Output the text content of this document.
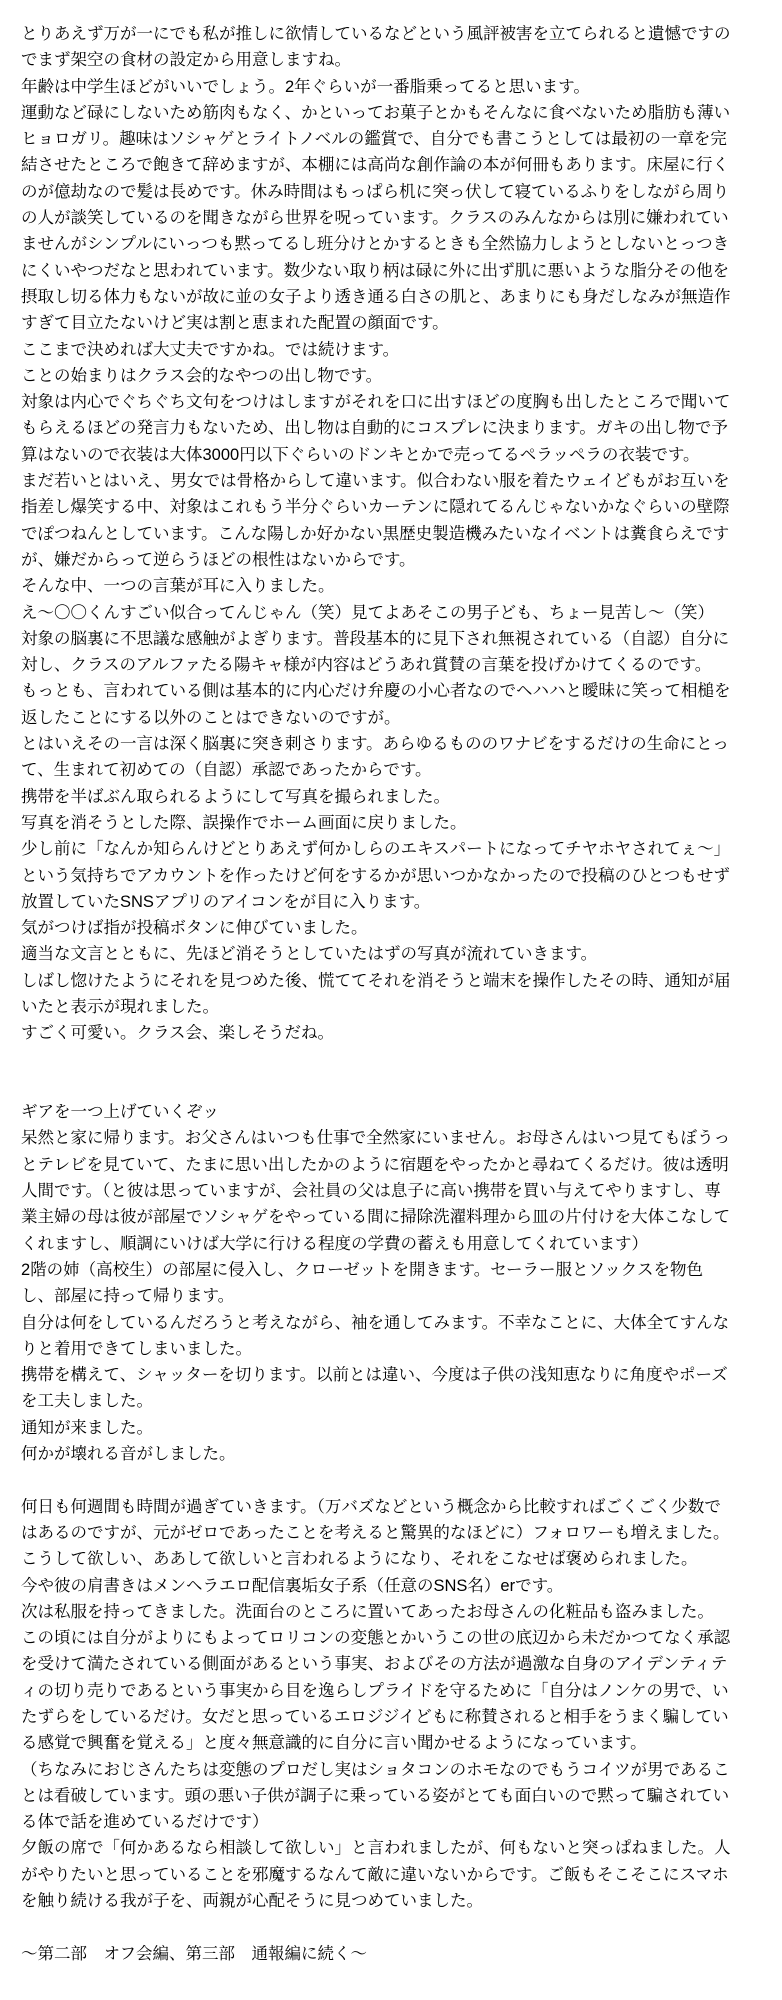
とりあえず万が一にでも私が推しに欲情しているなどという風評被害を立てられると遺憾ですのでまず架空の食材の設定から用意しますね。

年齢は中学生ほどがいいでしょう。2年ぐらいが一番脂乗ってると思います。

運動など碌にしないため筋肉もなく、かといってお菓子とかもそんなに食べないため脂肪も薄いヒョロガリ。趣味はソシャゲとライトノベルの鑑賞で、自分でも書こうとしては最初の一章を完結させたところで飽きて辞めますが、本棚には高尚な創作論の本が何冊もあります。床屋に行くのが億劫なので髪は長めです。休み時間はもっぱら机に突っ伏して寝ているふりをしながら周りの人が談笑しているのを聞きながら世界を呪っています。クラスのみんなからは別に嫌われていませんがシンプルにいっつも黙ってるし班分けとかするときも全然協力しようとしないとっつきにくいやつだなと思われています。数少ない取り柄は碌に外に出ず肌に悪いような脂分その他を摂取し切る体力もないが故に並の女子より透き通る白さの肌と、あまりにも身だしなみが無造作すぎて目立たないけど実は割と恵まれた配置の顔面です。

ここまで決めれば大丈夫ですかね。では続けます。

ことの始まりはクラス会的なやつの出し物です。

対象は内心でぐちぐち文句をつけはしますがそれを口に出すほどの度胸も出したところで聞いてもらえるほどの発言力もないため、出し物は自動的にコスプレに決まります。ガキの出し物で予算はないので衣装は大体3000円以下ぐらいのドンキとかで売ってるペラッペラの衣装です。

まだ若いとはいえ、男女では骨格からして違います。似合わない服を着たウェイどもがお互いを指差し爆笑する中、対象はこれもう半分ぐらいカーテンに隠れてるんじゃないかなぐらいの壁際でぽつねんとしています。こんな陽しか好かない黒歴史製造機みたいなイベントは糞食らえですが、嫌だからって逆らうほどの根性はないからです。

そんな中、一つの言葉が耳に入りました。

え〜〇〇くんすごい似合ってんじゃん（笑）見てよあそこの男子ども、ちょー見苦し〜（笑）

対象の脳裏に不思議な感触がよぎります。普段基本的に見下され無視されている（自認）自分に対し、クラスのアルファたる陽キャ様が内容はどうあれ賞賛の言葉を投げかけてくるのです。

もっとも、言われている側は基本的に内心だけ弁慶の小心者なのでヘハハと曖昧に笑って相槌を返したことにする以外のことはできないのですが。

とはいえその一言は深く脳裏に突き刺さります。あらゆるもののワナビをするだけの生命にとって、生まれて初めての（自認）承認であったからです。

携帯を半ばぶん取られるようにして写真を撮られました。

写真を消そうとした際、誤操作でホーム画面に戻りました。

少し前に「なんか知らんけどとりあえず何かしらのエキスパートになってチヤホヤされてぇ〜」という気持ちでアカウントを作ったけど何をするかが思いつかなかったので投稿のひとつもせず放置していたSNSアプリのアイコンをが目に入ります。

気がつけば指が投稿ボタンに伸びていました。

適当な文言とともに、先ほど消そうとしていたはずの写真が流れていきます。

しばし惚けたようにそれを見つめた後、慌ててそれを消そうと端末を操作したその時、通知が届いたと表示が現れました。

すごく可愛い。クラス会、楽しそうだね。

ギアを一つ上げていくぞッ

呆然と家に帰ります。お父さんはいつも仕事で全然家にいません。お母さんはいつ見てもぼうっとテレビを見ていて、たまに思い出したかのように宿題をやったかと尋ねてくるだけ。彼は透明人間です。（と彼は思っていますが、会社員の父は息子に高い携帯を買い与えてやりますし、専業主婦の母は彼が部屋でソシャゲをやっている間に掃除洗濯料理から皿の片付けを大体こなしてくれますし、順調にいけば大学に行ける程度の学費の蓄えも用意してくれています）

2階の姉（高校生）の部屋に侵入し、クローゼットを開きます。セーラー服とソックスを物色し、部屋に持って帰ります。

自分は何をしているんだろうと考えながら、袖を通してみます。不幸なことに、大体全てすんなりと着用できてしまいました。

携帯を構えて、シャッターを切ります。以前とは違い、今度は子供の浅知恵なりに角度やポーズを工夫しました。

通知が来ました。

何かが壊れる音がしました。

何日も何週間も時間が過ぎていきます。（万バズなどという概念から比較すればごくごく少数ではあるのですが、元がゼロであったことを考えると驚異的なほどに）フォロワーも増えました。

こうして欲しい、ああして欲しいと言われるようになり、それをこなせば褒められました。

今や彼の肩書きはメンヘラエロ配信裏垢女子系（任意のSNS名）erです。

次は私服を持ってきました。洗面台のところに置いてあったお母さんの化粧品も盗みました。

この頃には自分がよりにもよってロリコンの変態とかいうこの世の底辺から未だかつてなく承認を受けて満たされている側面があるという事実、およびその方法が過激な自身のアイデンティティの切り売りであるという事実から目を逸らしプライドを守るために「自分はノンケの男で、いたずらをしているだけ。女だと思っているエロジジイどもに称賛されると相手をうまく騙している感覚で興奮を覚える」と度々無意識的に自分に言い聞かせるようになっています。

（ちなみにおじさんたちは変態のプロだし実はショタコンのホモなのでもうコイツが男であることは看破しています。頭の悪い子供が調子に乗っている姿がとても面白いので黙って騙されている体で話を進めているだけです）

夕飯の席で「何かあるなら相談して欲しい」と言われましたが、何もないと突っぱねました。人がやりたいと思っていることを邪魔するなんて敵に違いないからです。ご飯もそこそこにスマホを触り続ける我が子を、両親が心配そうに見つめていました。

〜第二部　オフ会編、第三部　通報編に続く〜
